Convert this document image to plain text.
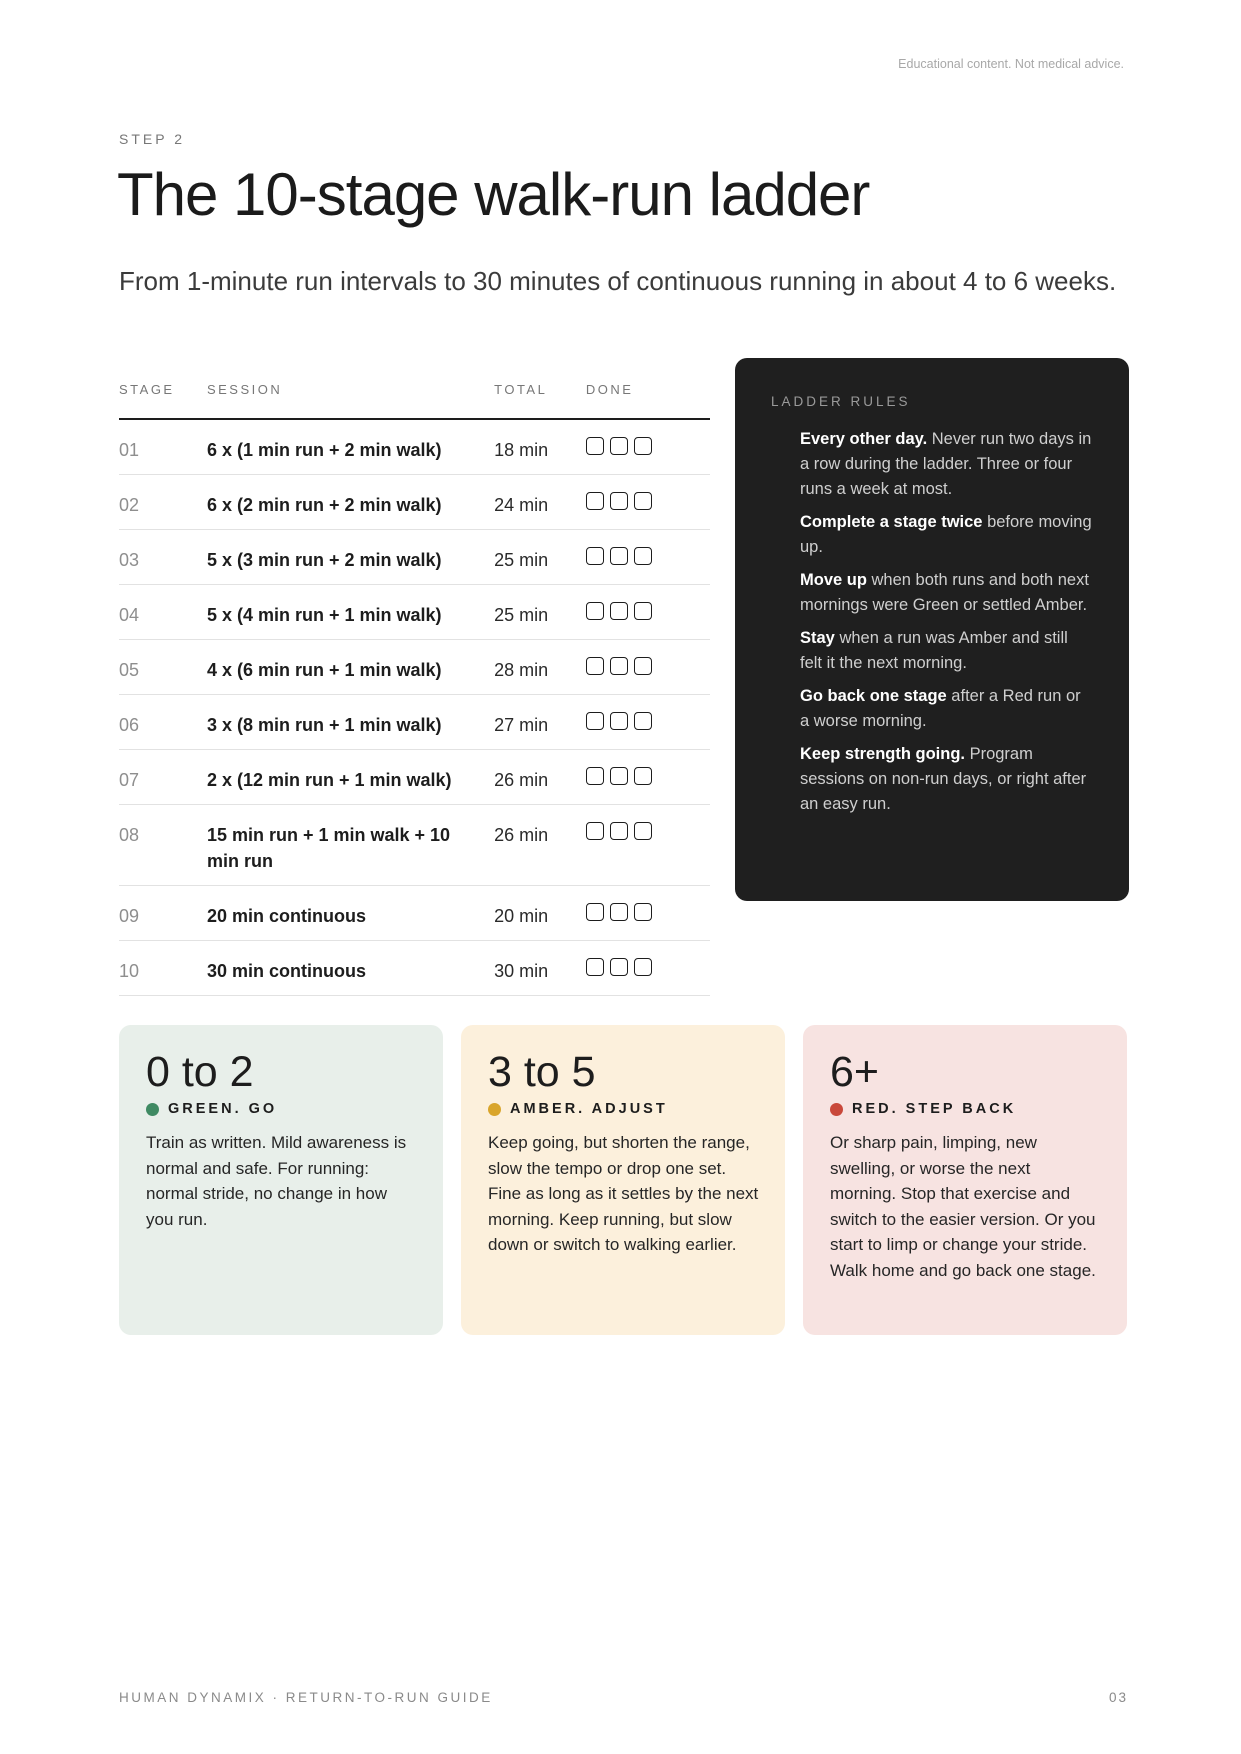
Educational content. Not medical advice.
STEP 2
The 10-stage walk-run ladder

From 1-minute run intervals to 30 minutes of continuous running in about 4 to 6 weeks.

STAGE	SESSION	TOTAL	DONE

01	6 x (1 min run + 2 min walk)	18 min	

02	6 x (2 min run + 2 min walk)	24 min	

03	5 x (3 min run + 2 min walk)	25 min	

04	5 x (4 min run + 1 min walk)	25 min	

05	4 x (6 min run + 1 min walk)	28 min	

06	3 x (8 min run + 1 min walk)	27 min	

07	2 x (12 min run + 1 min walk)	26 min	

08	15 min run + 1 min walk + 10 min run	26 min	

09	20 min continuous	20 min	

10	30 min continuous	30 min	

LADDER RULES

Every other day. Never run two days in a row during the ladder. Three or four runs a week at most.

Complete a stage twice before moving up.

Move up when both runs and both next mornings were Green or settled Amber.

Stay when a run was Amber and still felt it the next morning.

Go back one stage after a Red run or a worse morning.

Keep strength going. Program sessions on non-run days, or right after an easy run.

0 to 2
GREEN. GO
Train as written. Mild awareness is normal and safe. For running: normal stride, no change in how you run.
3 to 5
AMBER. ADJUST
Keep going, but shorten the range, slow the tempo or drop one set. Fine as long as it settles by the next morning. Keep running, but slow down or switch to walking earlier.
6+
RED. STEP BACK
Or sharp pain, limping, new swelling, or worse the next morning. Stop that exercise and switch to the easier version. Or you start to limp or change your stride. Walk home and go back one stage.
HUMAN DYNAMIX · RETURN-TO-RUN GUIDE	03
